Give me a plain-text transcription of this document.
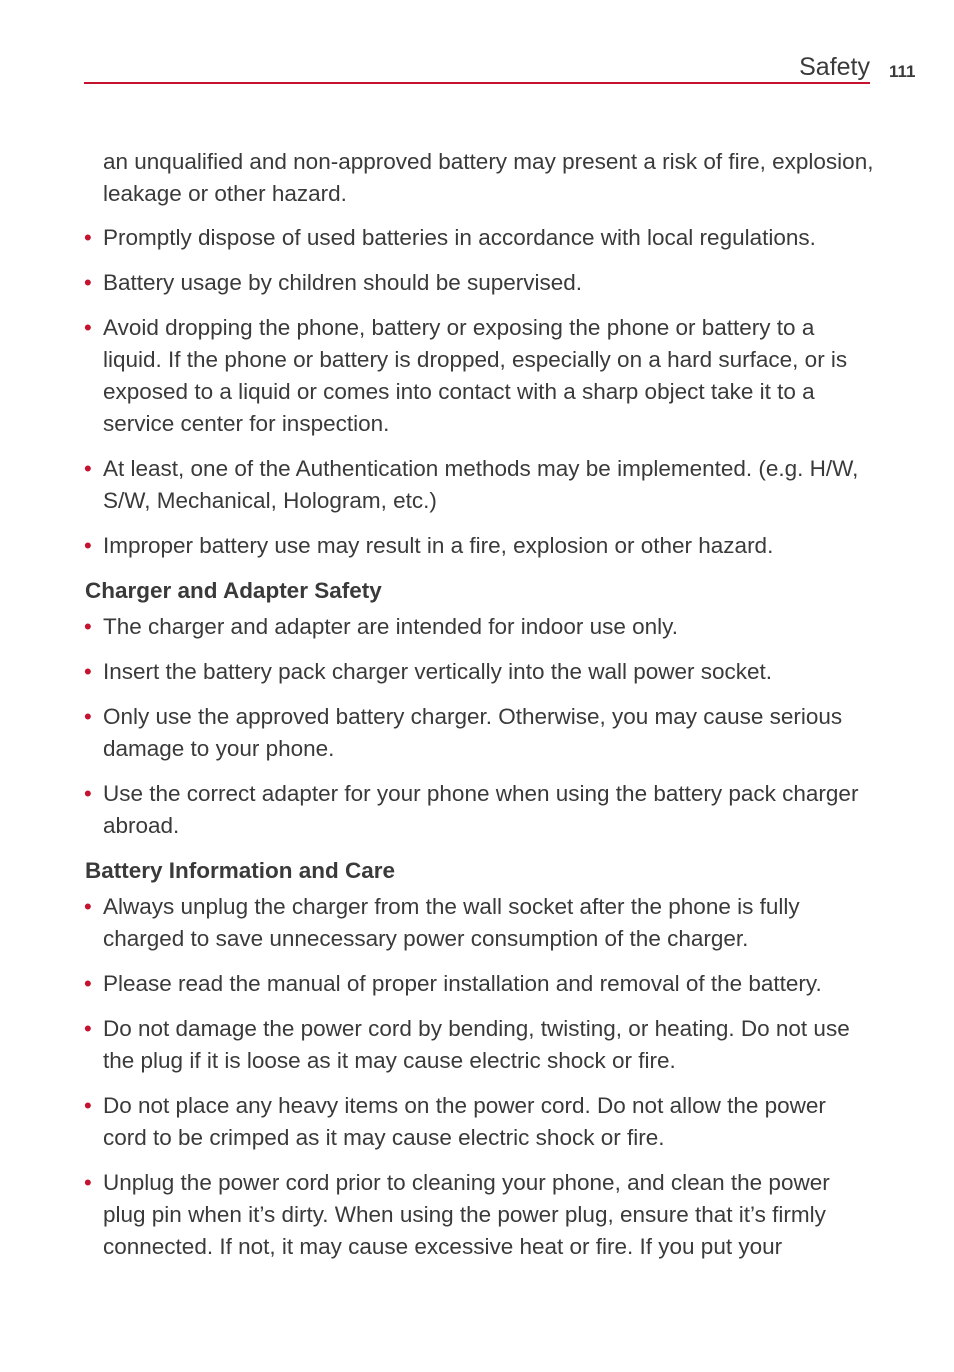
Safety 111

an unqualified and non-approved battery may present a risk of fire, explosion, leakage or other hazard.

• Promptly dispose of used batteries in accordance with local regulations.
• Battery usage by children should be supervised.
• Avoid dropping the phone, battery or exposing the phone or battery to a liquid. If the phone or battery is dropped, especially on a hard surface, or is exposed to a liquid or comes into contact with a sharp object take it to a service center for inspection.
• At least, one of the Authentication methods may be implemented. (e.g. H/W, S/W, Mechanical, Hologram, etc.)
• Improper battery use may result in a fire, explosion or other hazard.
Charger and Adapter Safety
• The charger and adapter are intended for indoor use only.
• Insert the battery pack charger vertically into the wall power socket.
• Only use the approved battery charger. Otherwise, you may cause serious damage to your phone.
• Use the correct adapter for your phone when using the battery pack charger abroad.
Battery Information and Care
• Always unplug the charger from the wall socket after the phone is fully charged to save unnecessary power consumption of the charger.
• Please read the manual of proper installation and removal of the battery.
• Do not damage the power cord by bending, twisting, or heating. Do not use the plug if it is loose as it may cause electric shock or fire.
• Do not place any heavy items on the power cord. Do not allow the power cord to be crimped as it may cause electric shock or fire.
• Unplug the power cord prior to cleaning your phone, and clean the power plug pin when it’s dirty. When using the power plug, ensure that it’s firmly connected. If not, it may cause excessive heat or fire. If you put your
